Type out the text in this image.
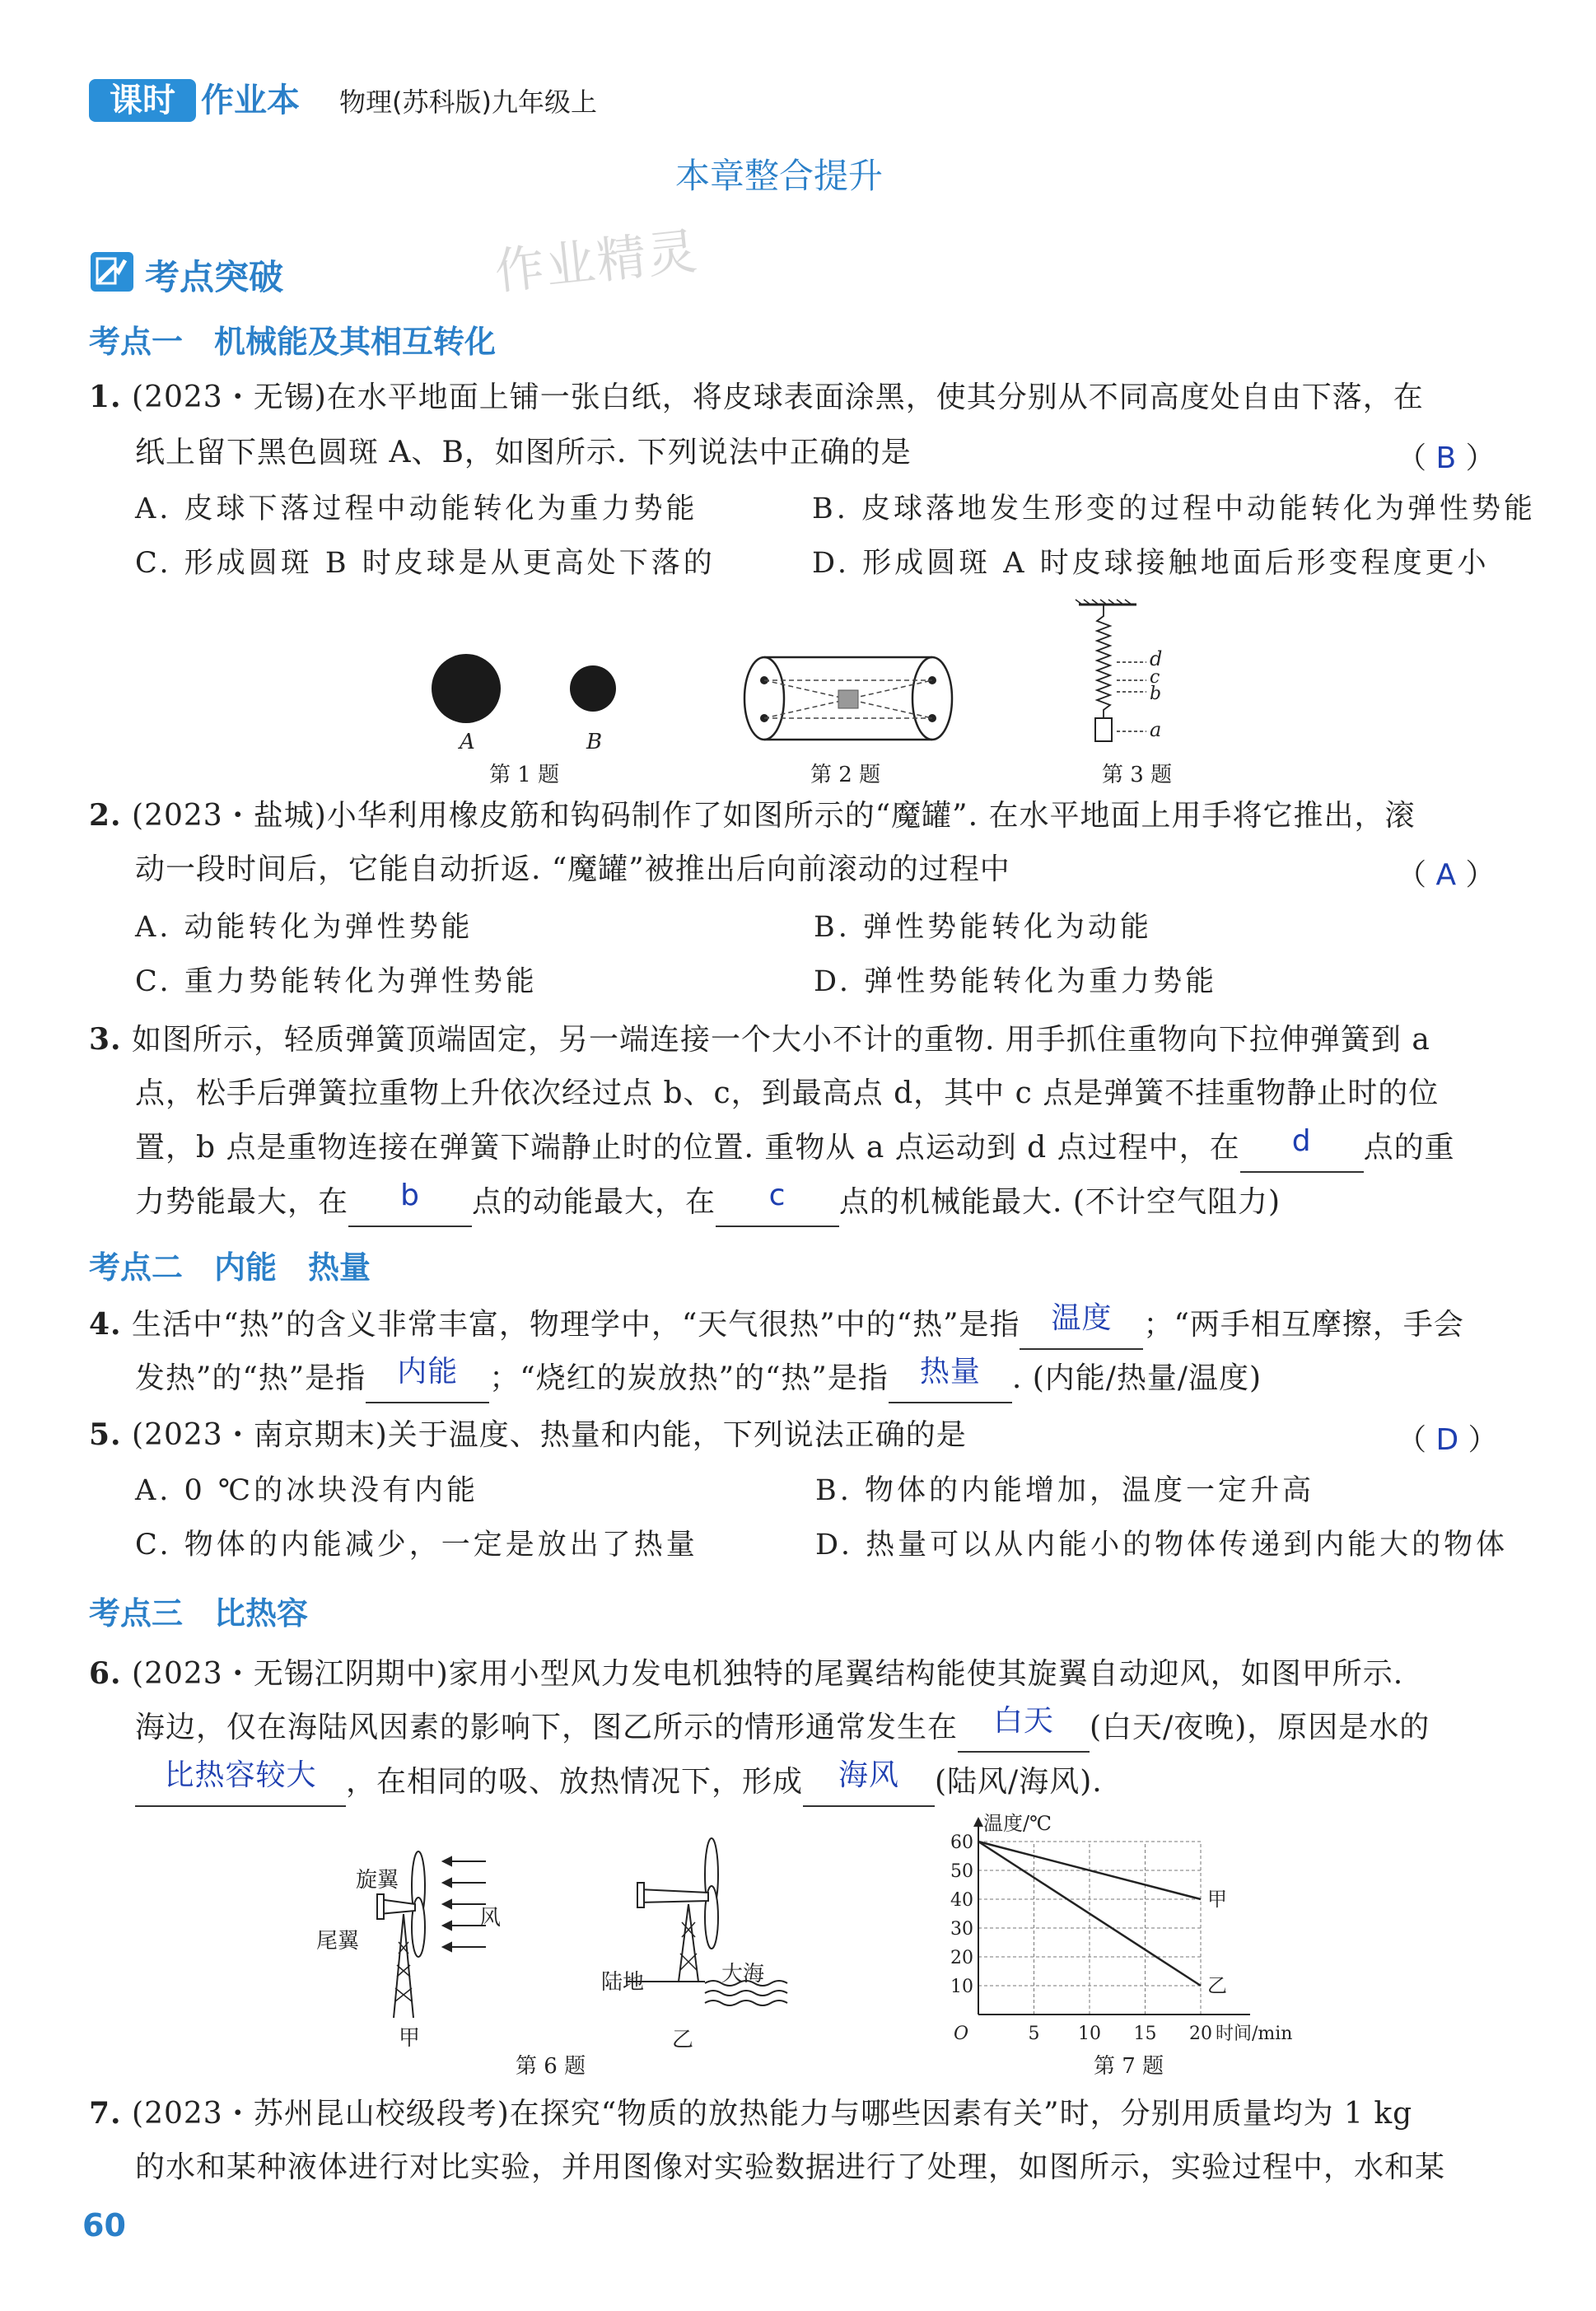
课时 作业本 物理(苏科版)九年级上
本章整合提升
作业精灵
考点突破
考点一　机械能及其相互转化
1. (2023・无锡)在水平地面上铺一张白纸，将皮球表面涂黑，使其分别从不同高度处自由下落，在
纸上留下黑色圆斑 A、B，如图所示. 下列说法中正确的是	（ B ）
A. 皮球下落过程中动能转化为重力势能	B. 皮球落地发生形变的过程中动能转化为弹性势能
C. 形成圆斑 B 时皮球是从更高处下落的	D. 形成圆斑 A 时皮球接触地面后形变程度更小
A	B
第 1 题	第 2 题
d
c
b
a
第 3 题
2. (2023・盐城)小华利用橡皮筋和钩码制作了如图所示的“魔罐”. 在水平地面上用手将它推出，滚
动一段时间后，它能自动折返. “魔罐”被推出后向前滚动的过程中	（ A ）
A. 动能转化为弹性势能	B. 弹性势能转化为动能
C. 重力势能转化为弹性势能	D. 弹性势能转化为重力势能
3. 如图所示，轻质弹簧顶端固定，另一端连接一个大小不计的重物. 用手抓住重物向下拉伸弹簧到 a
点，松手后弹簧拉重物上升依次经过点 b、c，到最高点 d，其中 c 点是弹簧不挂重物静止时的位
置，b 点是重物连接在弹簧下端静止时的位置. 重物从 a 点运动到 d 点过程中，在 d 点的重
力势能最大，在 b 点的动能最大，在 c 点的机械能最大. (不计空气阻力)
考点二　内能　热量
4. 生活中“热”的含义非常丰富，物理学中，“天气很热”中的“热”是指 温度 ；“两手相互摩擦，手会
发热”的“热”是指 内能 ；“烧红的炭放热”的“热”是指 热量 . (内能/热量/温度)
5. (2023・南京期末)关于温度、热量和内能，下列说法正确的是	（ D ）
A. 0 ℃的冰块没有内能	B. 物体的内能增加，温度一定升高
C. 物体的内能减少，一定是放出了热量	D. 热量可以从内能小的物体传递到内能大的物体
考点三　比热容
6. (2023・无锡江阴期中)家用小型风力发电机独特的尾翼结构能使其旋翼自动迎风，如图甲所示.
海边，仅在海陆风因素的影响下，图乙所示的情形通常发生在 白天 (白天/夜晚)，原因是水的
比热容较大 ，在相同的吸、放热情况下，形成 海风 (陆风/海风).
旋翼
尾翼
风
甲
陆地	大海
乙
第 6 题
10
20
30
40
50
60
5 10 15 20
O
温度/℃
时间/min
甲
乙
第 7 题
7. (2023・苏州昆山校级段考)在探究“物质的放热能力与哪些因素有关”时，分别用质量均为 1 kg
的水和某种液体进行对比实验，并用图像对实验数据进行了处理，如图所示，实验过程中，水和某
60
